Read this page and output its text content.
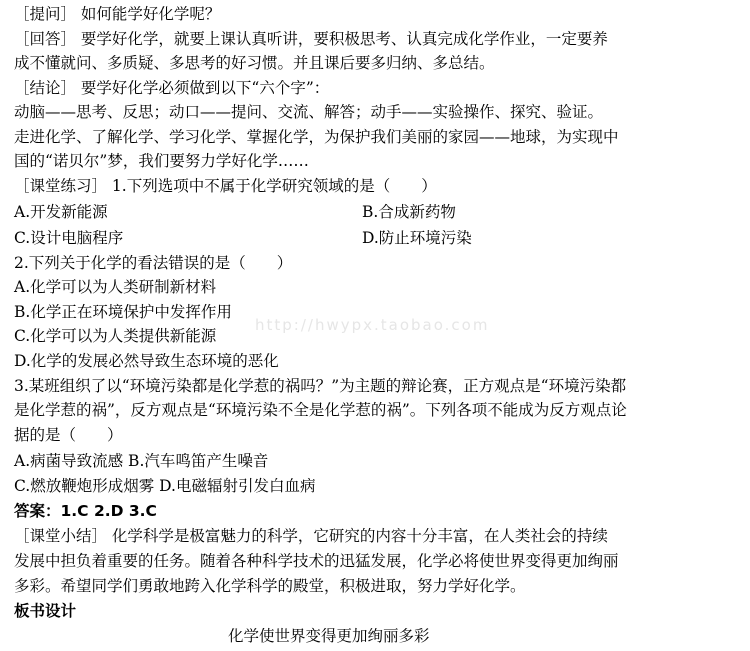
http://hwypx.taobao.com
［提问］ 如何能学好化学呢？
［回答］ 要学好化学，就要上课认真听讲，要积极思考、认真完成化学作业，一定要养
成不懂就问、多质疑、多思考的好习惯。并且课后要多归纳、多总结。
［结论］ 要学好化学必须做到以下“六个字”：
动脑——思考、反思；动口——提问、交流、解答；动手——实验操作、探究、验证。
走进化学、了解化学、学习化学、掌握化学，为保护我们美丽的家园——地球，为实现中
国的“诺贝尔”梦，我们要努力学好化学……
［课堂练习］ 1.下列选项中不属于化学研究领域的是（　　）
A.开发新能源	B.合成新药物
C.设计电脑程序	D.防止环境污染
2.下列关于化学的看法错误的是（　　）
A.化学可以为人类研制新材料
B.化学正在环境保护中发挥作用
C.化学可以为人类提供新能源
D.化学的发展必然导致生态环境的恶化
3.某班组织了以“环境污染都是化学惹的祸吗？”为主题的辩论赛，正方观点是“环境污染都
是化学惹的祸”，反方观点是“环境污染不全是化学惹的祸”。下列各项不能成为反方观点论
据的是（　　）
A.病菌导致流感 B.汽车鸣笛产生噪音
C.燃放鞭炮形成烟雾 D.电磁辐射引发白血病
答案：1.C 2.D 3.C
［课堂小结］ 化学科学是极富魅力的科学，它研究的内容十分丰富，在人类社会的持续
发展中担负着重要的任务。随着各种科学技术的迅猛发展，化学必将使世界变得更加绚丽
多彩。希望同学们勇敢地跨入化学科学的殿堂，积极进取，努力学好化学。
板书设计
化学使世界变得更加绚丽多彩
